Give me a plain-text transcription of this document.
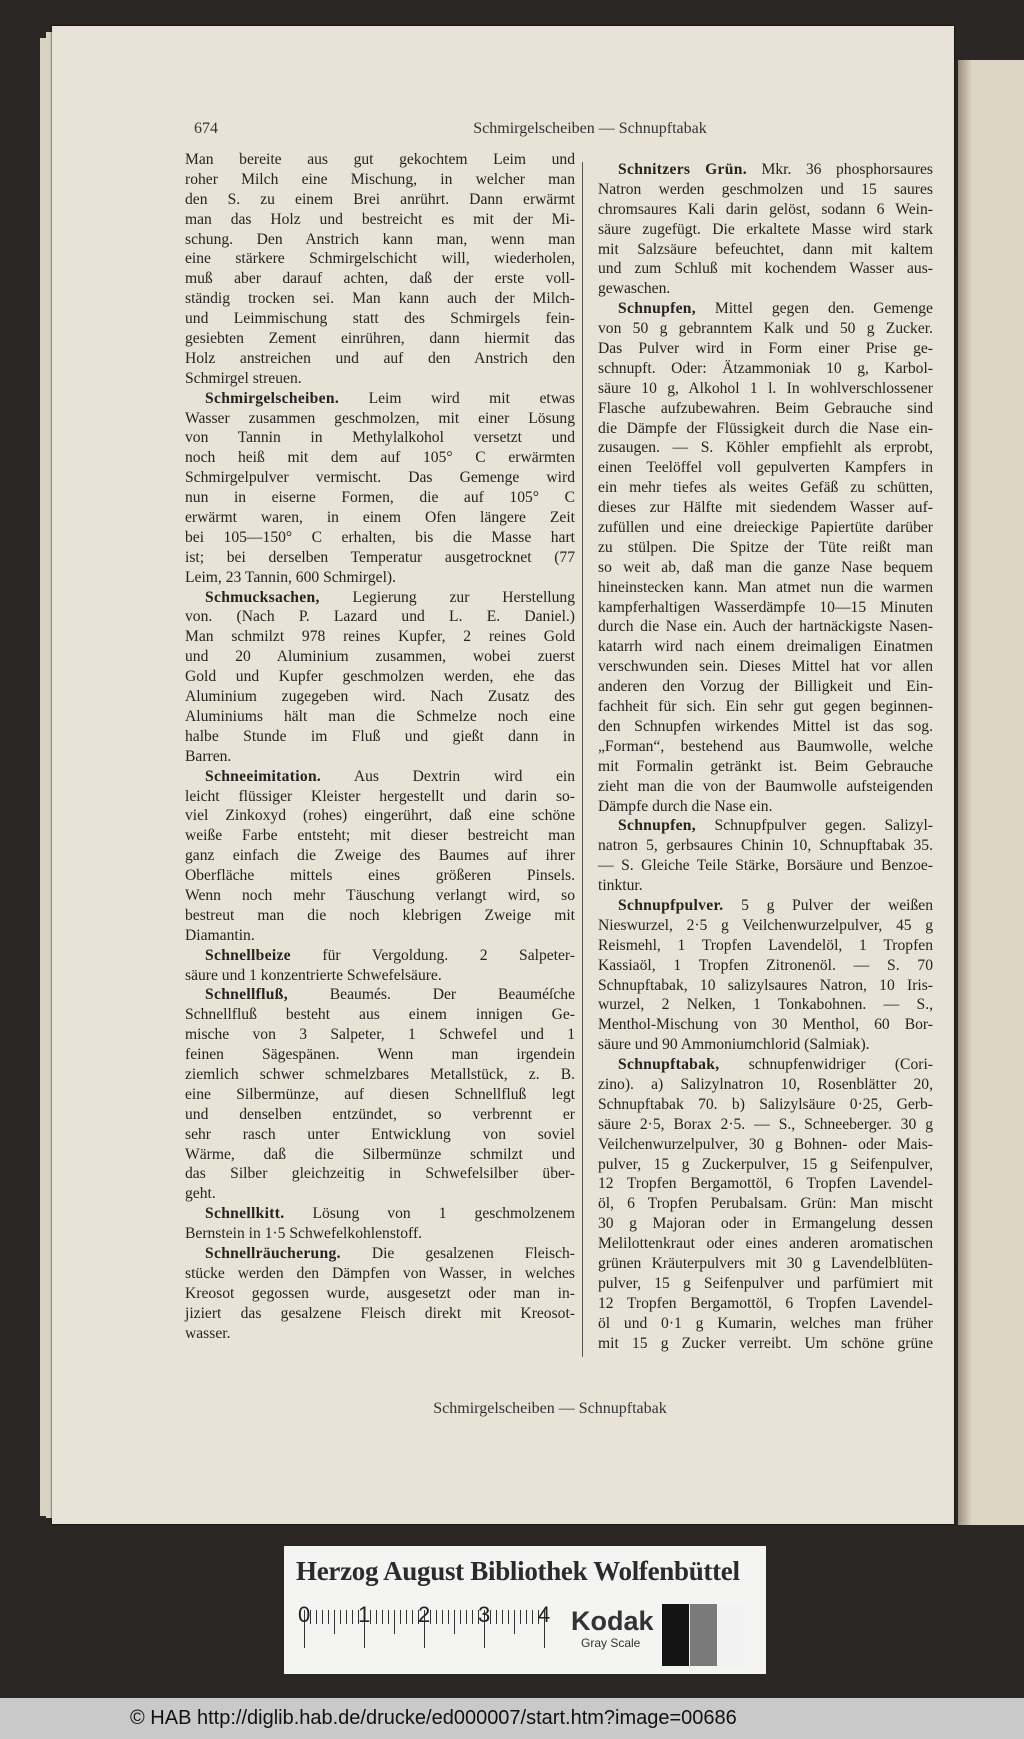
674	Schmirgelscheiben — Schnupftabak
Man bereite aus gut gekochtem Leim und
roher Milch eine Mischung, in welcher man
den S. zu einem Brei anrührt. Dann erwärmt
man das Holz und bestreicht es mit der Mi-
schung. Den Anstrich kann man, wenn man
eine stärkere Schmirgelschicht will, wiederholen,
muß aber darauf achten, daß der erste voll-
ständig trocken sei. Man kann auch der Milch-
und Leimmischung statt des Schmirgels fein-
gesiebten Zement einrühren, dann hiermit das
Holz anstreichen und auf den Anstrich den
Schmirgel streuen.
Schmirgelscheiben. Leim wird mit etwas
Wasser zusammen geschmolzen, mit einer Lösung
von Tannin in Methylalkohol versetzt und
noch heiß mit dem auf 105° C erwärmten
Schmirgelpulver vermischt. Das Gemenge wird
nun in eiserne Formen, die auf 105° C
erwärmt waren, in einem Ofen längere Zeit
bei 105—150° C erhalten, bis die Masse hart
ist; bei derselben Temperatur ausgetrocknet (77
Leim, 23 Tannin, 600 Schmirgel).
Schmucksachen, Legierung zur Herstellung
von. (Nach P. Lazard und L. E. Daniel.)
Man schmilzt 978 reines Kupfer, 2 reines Gold
und 20 Aluminium zusammen, wobei zuerst
Gold und Kupfer geschmolzen werden, ehe das
Aluminium zugegeben wird. Nach Zusatz des
Aluminiums hält man die Schmelze noch eine
halbe Stunde im Fluß und gießt dann in
Barren.
Schneeimitation. Aus Dextrin wird ein
leicht flüssiger Kleister hergestellt und darin so-
viel Zinkoxyd (rohes) eingerührt, daß eine schöne
weiße Farbe entsteht; mit dieser bestreicht man
ganz einfach die Zweige des Baumes auf ihrer
Oberfläche mittels eines größeren Pinsels.
Wenn noch mehr Täuschung verlangt wird, so
bestreut man die noch klebrigen Zweige mit
Diamantin.
Schnellbeize für Vergoldung. 2 Salpeter-
säure und 1 konzentrierte Schwefelsäure.
Schnellfluß,	Beaumés. Der Beauméſche
Schnellfluß besteht aus einem innigen Ge-
mische von 3 Salpeter, 1 Schwefel und 1
feinen Sägespänen. Wenn man irgendein
ziemlich schwer schmelzbares Metallstück, z. B.
eine Silbermünze, auf diesen Schnellfluß legt
und denselben entzündet, so verbrennt er
sehr rasch unter Entwicklung von soviel
Wärme, daß die Silbermünze schmilzt und
das Silber gleichzeitig in Schwefelsilber über-
geht.
Schnellkitt. Lösung von 1 geschmolzenem
Bernstein in 1·5 Schwefelkohlenstoff.
Schnellräucherung. Die gesalzenen Fleisch-
stücke werden den Dämpfen von Wasser, in welches
Kreosot gegossen wurde, ausgesetzt oder man in-
jiziert das gesalzene Fleisch direkt mit Kreosot-
wasser.
Schnitzers Grün. Mkr. 36 phosphorsaures
Natron werden geschmolzen und 15 saures
chromsaures Kali darin gelöst, sodann 6 Wein-
säure zugefügt. Die erkaltete Masse wird stark
mit Salzsäure befeuchtet, dann mit kaltem
und zum Schluß mit kochendem Wasser aus-
gewaschen.
Schnupfen, Mittel gegen den. Gemenge
von 50 g gebranntem Kalk und 50 g Zucker.
Das Pulver wird in Form einer Prise ge-
schnupft. Oder: Ätzammoniak 10 g, Karbol-
säure 10 g, Alkohol 1 l. In wohlverschlossener
Flasche aufzubewahren. Beim Gebrauche sind
die Dämpfe der Flüssigkeit durch die Nase ein-
zusaugen. — S. Köhler empfiehlt als erprobt,
einen Teelöffel voll gepulverten Kampfers in
ein mehr tiefes als weites Gefäß zu schütten,
dieses zur Hälfte mit siedendem Wasser auf-
zufüllen und eine dreieckige Papiertüte darüber
zu stülpen. Die Spitze der Tüte reißt man
so weit ab, daß man die ganze Nase bequem
hineinstecken kann. Man atmet nun die warmen
kampferhaltigen Wasserdämpfe 10—15 Minuten
durch die Nase ein. Auch der hartnäckigste Nasen-
katarrh wird nach einem dreimaligen Einatmen
verschwunden sein. Dieses Mittel hat vor allen
anderen den Vorzug der Billigkeit und Ein-
fachheit für sich. Ein sehr gut gegen beginnen-
den Schnupfen wirkendes Mittel ist das sog.
„Forman“, bestehend aus Baumwolle, welche
mit Formalin getränkt ist. Beim Gebrauche
zieht man die von der Baumwolle aufsteigenden
Dämpfe durch die Nase ein.
Schnupfen, Schnupfpulver gegen. Salizyl-
natron 5, gerbsaures Chinin 10, Schnupftabak 35.
— S. Gleiche Teile Stärke, Borsäure und Benzoe-
tinktur.
Schnupfpulver. 5 g Pulver der weißen
Nieswurzel, 2·5 g Veilchenwurzelpulver, 45 g
Reismehl, 1 Tropfen Lavendelöl, 1 Tropfen
Kassiaöl, 1 Tropfen Zitronenöl. — S. 70
Schnupftabak, 10 salizylsaures Natron, 10 Iris-
wurzel, 2 Nelken, 1 Tonkabohnen. — S.,
Menthol-Mischung von 30 Menthol, 60 Bor-
säure und 90 Ammoniumchlorid (Salmiak).
Schnupftabak, schnupfenwidriger (Cori-
zino). a) Salizylnatron 10, Rosenblätter 20,
Schnupftabak 70. b) Salizylsäure 0·25, Gerb-
säure 2·5, Borax 2·5. — S., Schneeberger. 30 g
Veilchenwurzelpulver, 30 g Bohnen- oder Mais-
pulver, 15 g Zuckerpulver, 15 g Seifenpulver,
12 Tropfen Bergamottöl, 6 Tropfen Lavendel-
öl, 6 Tropfen Perubalsam. Grün: Man mischt
30 g Majoran oder in Ermangelung dessen
Melilottenkraut oder eines anderen aromatischen
grünen Kräuterpulvers mit 30 g Lavendelblüten-
pulver, 15 g Seifenpulver und parfümiert mit
12 Tropfen Bergamottöl, 6 Tropfen Lavendel-
öl und 0·1 g Kumarin, welches man früher
mit 15 g Zucker verreibt. Um schöne grüne
Schmirgelscheiben — Schnupftabak
Herzog August Bibliothek Wolfenbüttel
Kodak
Gray Scale
0 1 2 3 4
© HAB http://diglib.hab.de/drucke/ed000007/start.htm?image=00686
